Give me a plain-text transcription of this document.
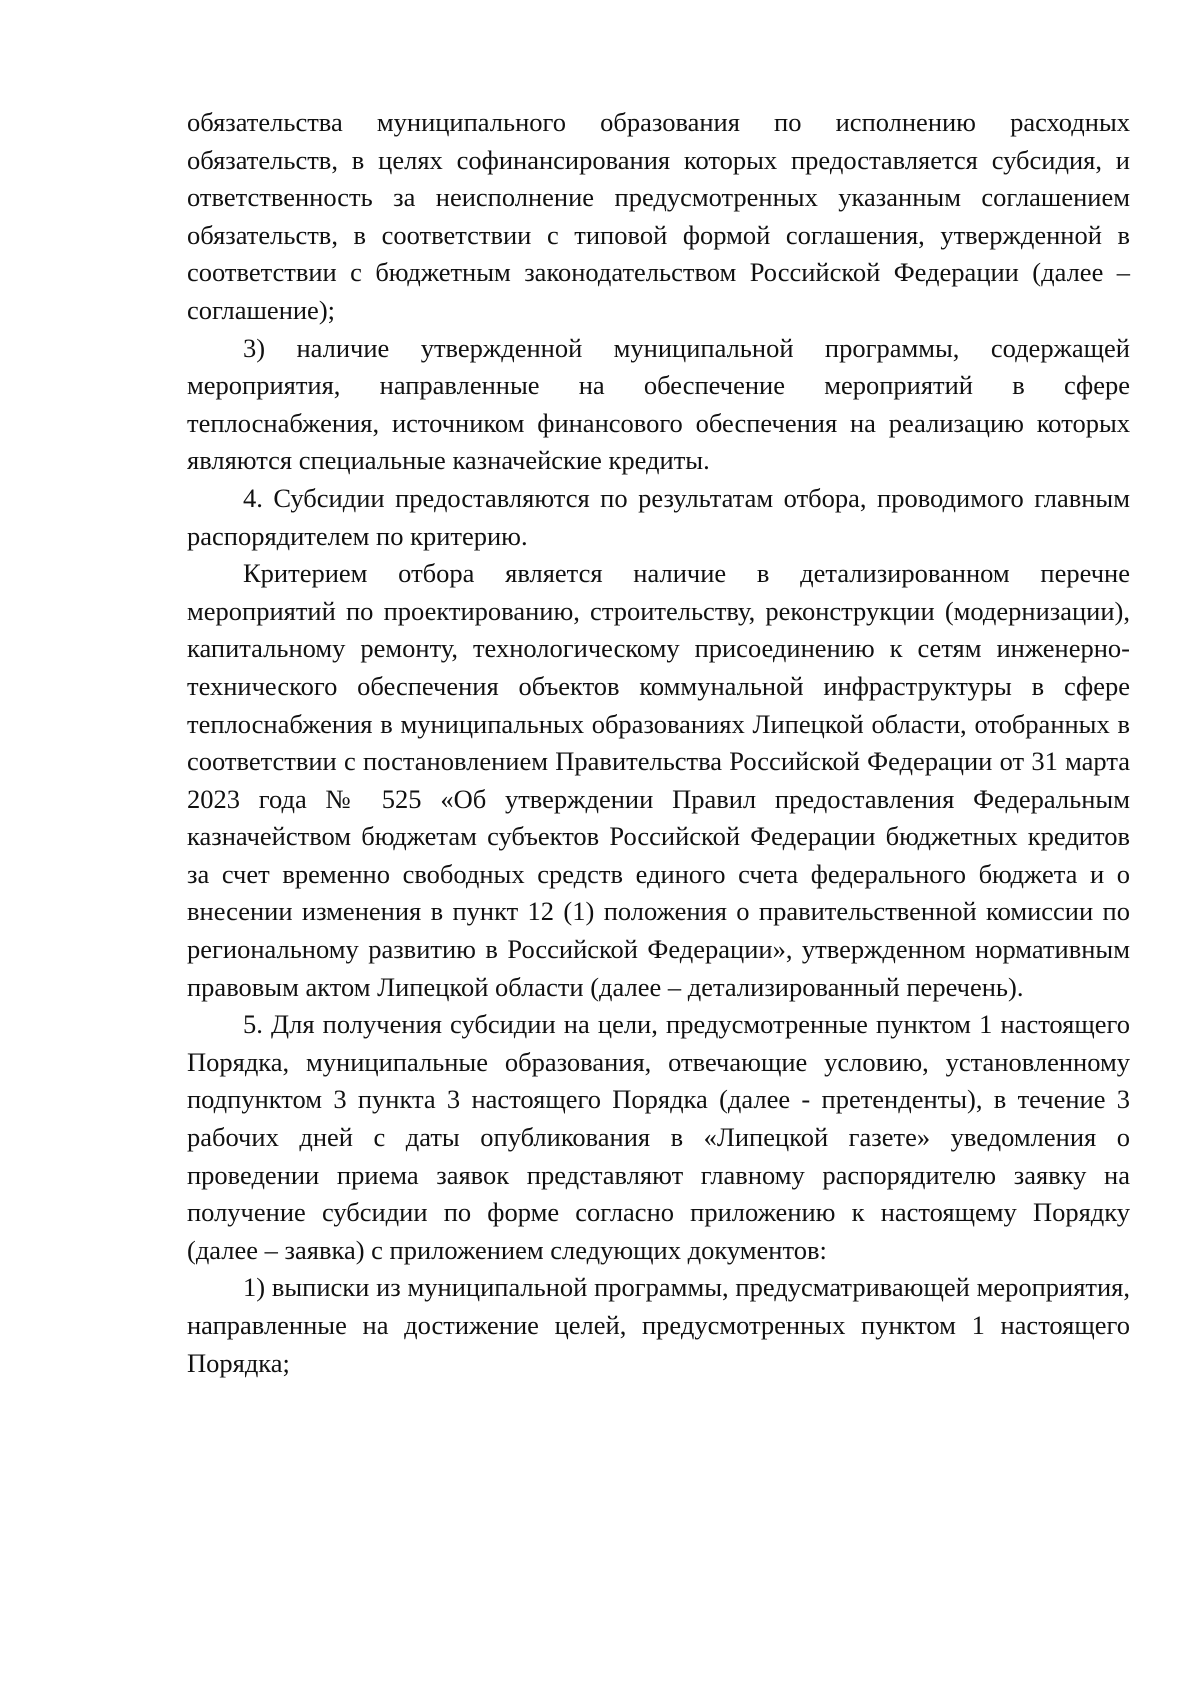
обязательства муниципального образования по исполнению расходных обязательств, в целях софинансирования которых предоставляется субсидия, и ответственность за неисполнение предусмотренных указанным соглашением обязательств, в соответствии с типовой формой соглашения, утвержденной в соответствии с бюджетным законодательством Российской Федерации (далее – соглашение);

3) наличие утвержденной муниципальной программы, содержащей мероприятия, направленные на обеспечение мероприятий в сфере теплоснабжения, источником финансового обеспечения на реализацию которых являются специальные казначейские кредиты.

4. Субсидии предоставляются по результатам отбора, проводимого главным распорядителем по критерию.

Критерием отбора является наличие в детализированном перечне мероприятий по проектированию, строительству, реконструкции (модернизации), капитальному ремонту, технологическому присоединению к сетям инженерно-технического обеспечения объектов коммунальной инфраструктуры в сфере теплоснабжения в муниципальных образованиях Липецкой области, отобранных в соответствии с постановлением Правительства Российской Федерации от 31 марта 2023 года № 525 «Об утверждении Правил предоставления Федеральным казначейством бюджетам субъектов Российской Федерации бюджетных кредитов за счет временно свободных средств единого счета федерального бюджета и о внесении изменения в пункт 12 (1) положения о правительственной комиссии по региональному развитию в Российской Федерации», утвержденном нормативным правовым актом Липецкой области (далее – детализированный перечень).

5. Для получения субсидии на цели, предусмотренные пунктом 1 настоящего Порядка, муниципальные образования, отвечающие условию, установленному подпунктом 3 пункта 3 настоящего Порядка (далее - претенденты), в течение 3 рабочих дней с даты опубликования в «Липецкой газете» уведомления о проведении приема заявок представляют главному распорядителю заявку на получение субсидии по форме согласно приложению к настоящему Порядку (далее – заявка) с приложением следующих документов:

1) выписки из муниципальной программы, предусматривающей мероприятия, направленные на достижение целей, предусмотренных пунктом 1 настоящего Порядка;
